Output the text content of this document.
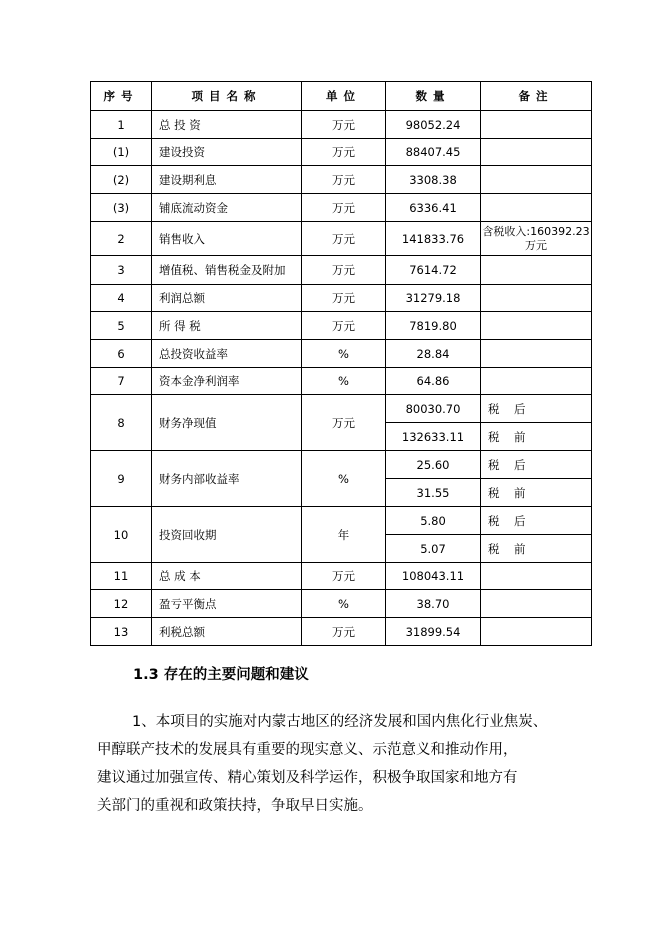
序号	项目名称	单位	数量	备注
1	总 投 资	万元	98052.24	
(1)	建设投资	万元	88407.45	
(2)	建设期利息	万元	3308.38	
(3)	铺底流动资金	万元	6336.41	
2	销售收入	万元	141833.76	含税收入:160392.23万元
3	增值税、销售税金及附加	万元	7614.72	
4	利润总额	万元	31279.18	
5	所 得 税	万元	7819.80	
6	总投资收益率	%	28.84	
7	资本金净利润率	%	64.86	
8	财务净现值	万元	80030.70	税 后
			132633.11	税 前
9	财务内部收益率	%	25.60	税 后
			31.55	税 前
10	投资回收期	年	5.80	税 后
			5.07	税 前
11	总 成 本	万元	108043.11	
12	盈亏平衡点	%	38.70	
13	利税总额	万元	31899.54	
1.3 存在的主要问题和建议
1、本项目的实施对内蒙古地区的经济发展和国内焦化行业焦炭、
甲醇联产技术的发展具有重要的现实意义、示范意义和推动作用，
建议通过加强宣传、精心策划及科学运作，积极争取国家和地方有
关部门的重视和政策扶持，争取早日实施。
